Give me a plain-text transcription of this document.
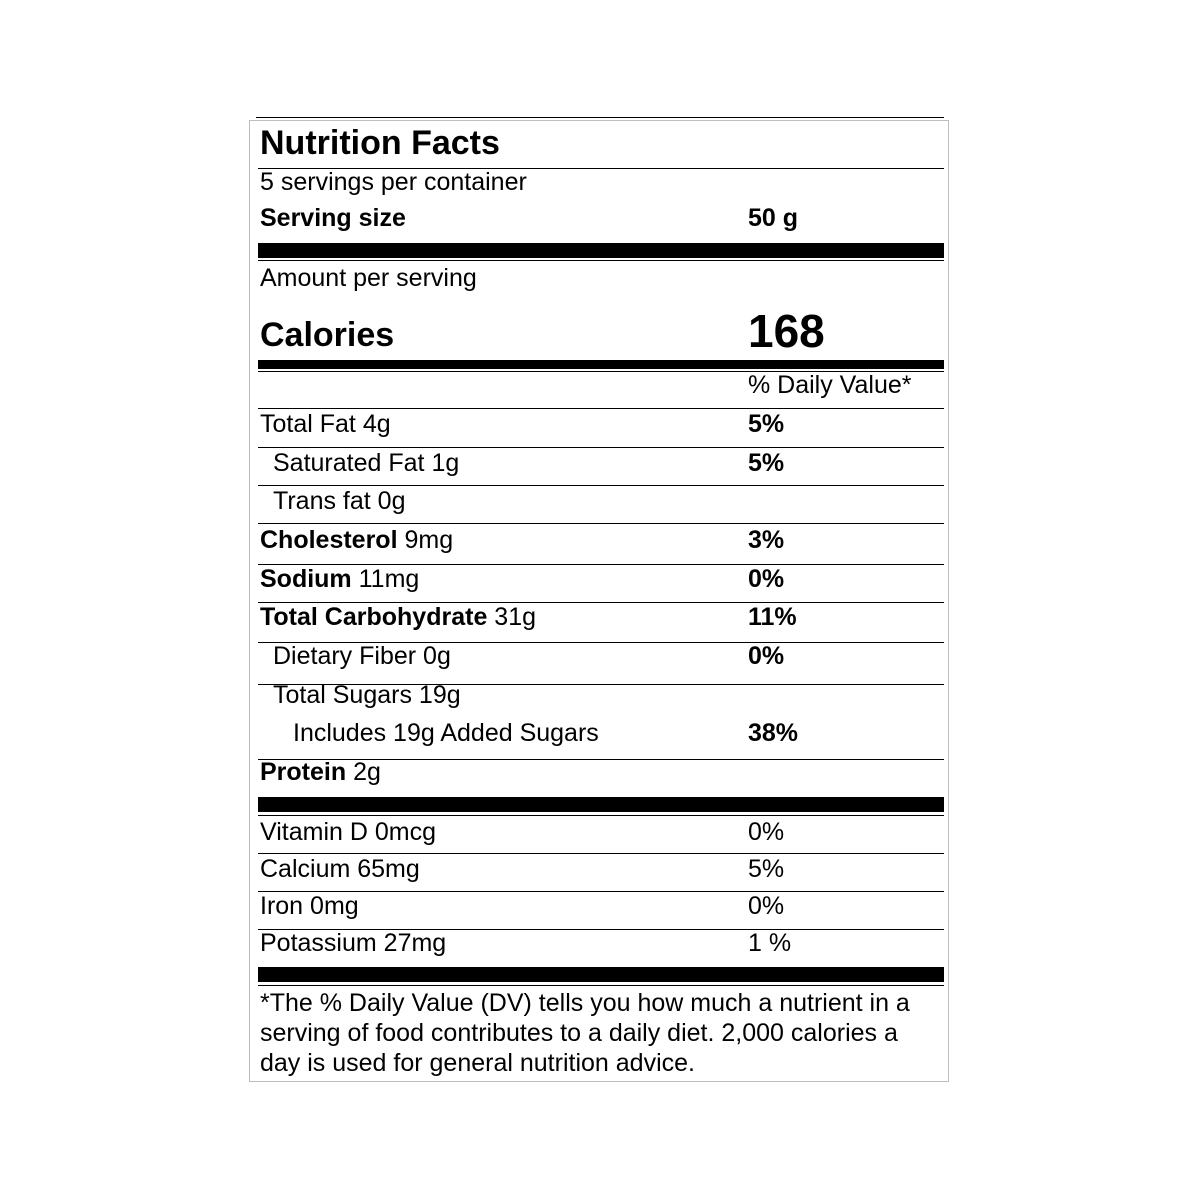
Nutrition Facts
5 servings per container
Serving size	50 g
Amount per serving
Calories	168
% Daily Value*
Total Fat 4g	5%
Saturated Fat 1g	5%
Trans fat 0g
Cholesterol 9mg	3%
Sodium 11mg	0%
Total Carbohydrate 31g	11%
Dietary Fiber 0g	0%
Total Sugars 19g
Includes 19g Added Sugars	38%
Protein 2g
Vitamin D 0mcg	0%
Calcium 65mg	5%
Iron 0mg	0%
Potassium 27mg	1 %
*The % Daily Value (DV) tells you how much a nutrient in a serving of food contributes to a daily diet. 2,000 calories a day is used for general nutrition advice.
